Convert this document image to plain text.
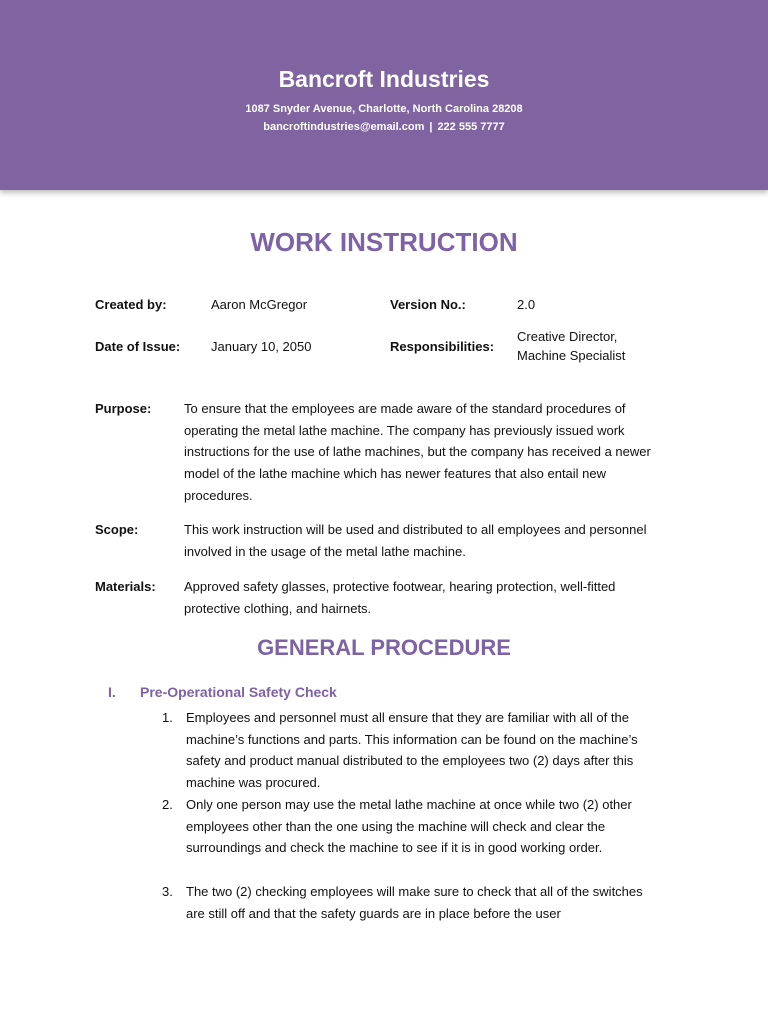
Bancroft Industries
1087 Snyder Avenue, Charlotte, North Carolina 28208
bancroftindustries@email.com | 222 555 7777
WORK INSTRUCTION
Created by:	Aaron McGregor	Version No.:	2.0
Date of Issue: January 10, 2050	Responsibilities:
Creative Director,
Machine Specialist
Purpose:	To ensure that the employees are made aware of the standard procedures of operating the metal lathe machine. The company has previously issued work instructions for the use of lathe machines, but the company has received a newer model of the lathe machine which has newer features that also entail new procedures.
Scope:	This work instruction will be used and distributed to all employees and personnel involved in the usage of the metal lathe machine.
Materials: Approved safety glasses, protective footwear, hearing protection, well-fitted protective clothing, and hairnets.
GENERAL PROCEDURE
I. Pre-Operational Safety Check
1. Employees and personnel must all ensure that they are familiar with all of the machine’s functions and parts. This information can be found on the machine’s safety and product manual distributed to the employees two (2) days after this machine was procured.
2. Only one person may use the metal lathe machine at once while two (2) other employees other than the one using the machine will check and clear the surroundings and check the machine to see if it is in good working order.
3. The two (2) checking employees will make sure to check that all of the switches are still off and that the safety guards are in place before the user
